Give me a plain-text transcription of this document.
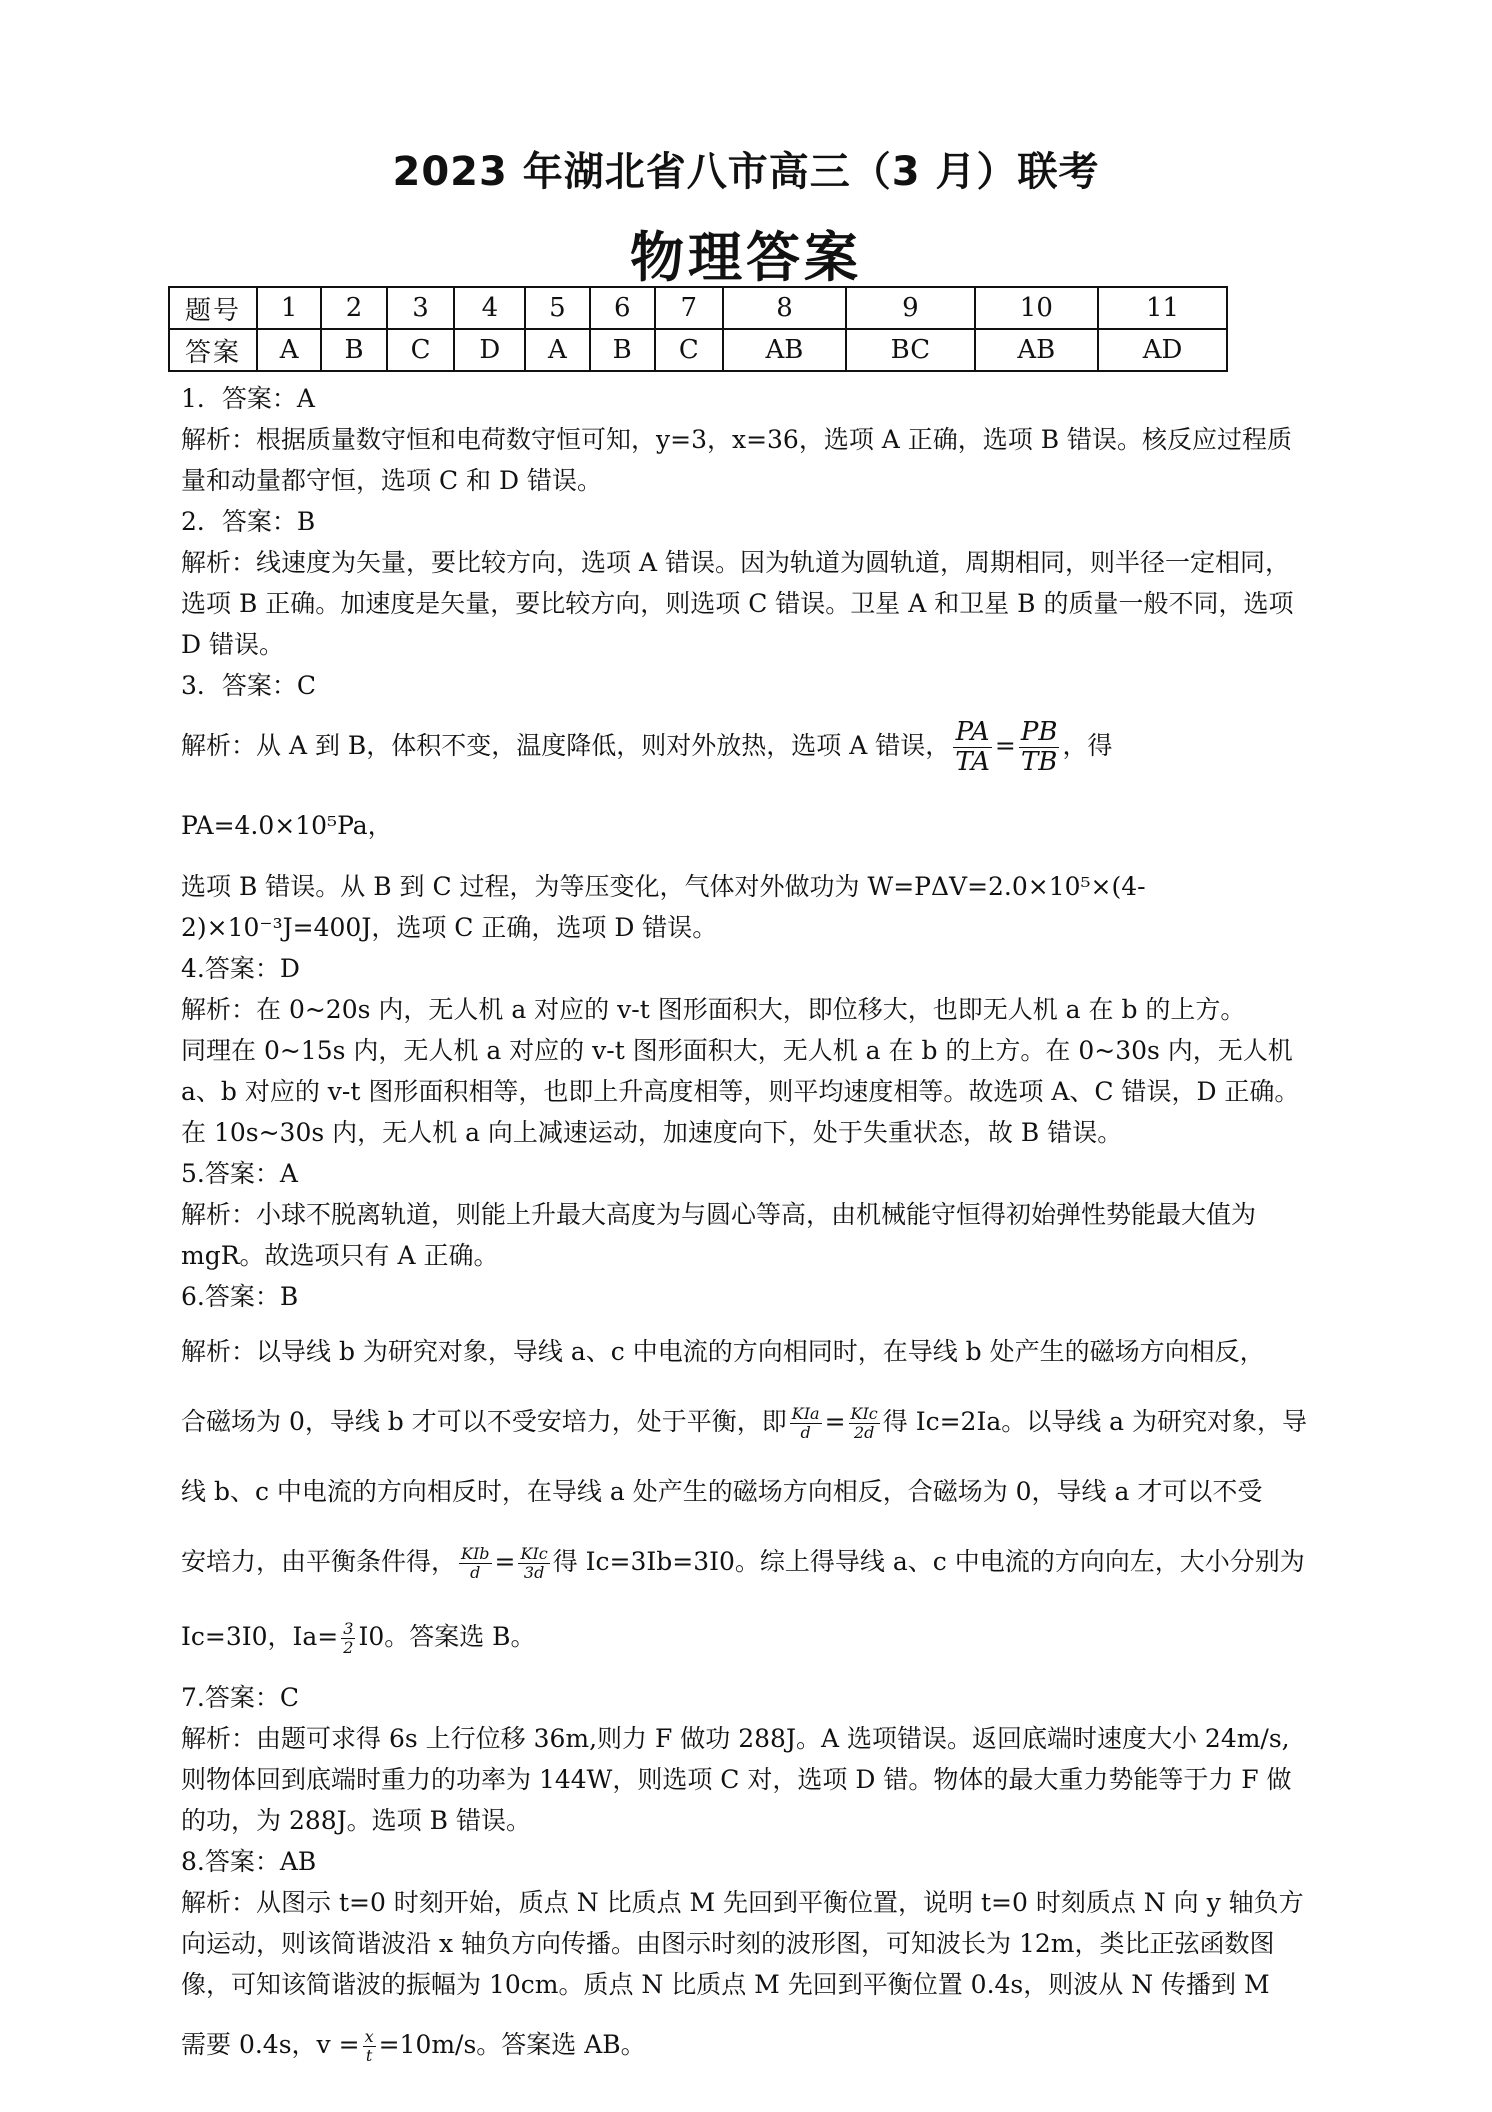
2023 年湖北省八市高三（3 月）联考
物理答案
题号	1	2	3	4	5	6	7	8	9	10	11
答案	A	B	C	D	A	B	C	AB	BC	AB	AD

1．答案：A

解析：根据质量数守恒和电荷数守恒可知，y=3，x=36，选项 A 正确，选项 B 错误。核反应过程质量和动量都守恒，选项 C 和 D 错误。

2．答案：B

解析：线速度为矢量，要比较方向，选项 A 错误。因为轨道为圆轨道，周期相同，则半径一定相同，选项 B 正确。加速度是矢量，要比较方向，则选项 C 错误。卫星 A 和卫星 B 的质量一般不同，选项 D 错误。

3．答案：C

解析：从 A 到 B，体积不变，温度降低，则对外放热，选项 A 错误， $\frac{PA}{TA} = \frac{PB}{TB}$ ，得 PA=4.0×10⁵Pa，

选项 B 错误。从 B 到 C 过程，为等压变化，气体对外做功为 W=PΔV=2.0×10⁵×(4-2)×10⁻³J=400J，选项 C 正确，选项 D 错误。

4.答案：D

解析：在 0~20s 内，无人机 a 对应的 v-t 图形面积大，即位移大，也即无人机 a 在 b 的上方。

同理在 0~15s 内，无人机 a 对应的 v-t 图形面积大，无人机 a 在 b 的上方。在 0~30s 内，无人机 a、b 对应的 v-t 图形面积相等，也即上升高度相等，则平均速度相等。故选项 A、C 错误，D 正确。在 10s~30s 内，无人机 a 向上减速运动，加速度向下，处于失重状态，故 B 错误。

5.答案：A

解析：小球不脱离轨道，则能上升最大高度为与圆心等高，由机械能守恒得初始弹性势能最大值为 mgR。故选项只有 A 正确。

6.答案：B

解析：以导线 b 为研究对象，导线 a、c 中电流的方向相同时，在导线 b 处产生的磁场方向相反，

合磁场为 0，导线 b 才可以不受安培力，处于平衡，即 $\frac{\text{KIa}}{d} = \frac{\text{KIc}}{2d}$ 得 Ic=2Ia。以导线 a 为研究对象，导

线 b、c 中电流的方向相反时，在导线 a 处产生的磁场方向相反，合磁场为 0，导线 a 才可以不受

安培力，由平衡条件得， $\frac{\text{KIb}}{d} = \frac{\text{KIc}}{3d}$ 得 Ic=3Ib=3I0。综上得导线 a、c 中电流的方向向左，大小分别为

Ic=3I0，$Ia= \frac{3}{2} I0$。答案选 B。

7.答案：C

解析：由题可求得 6s 上行位移 36m,则力 F 做功 288J。A 选项错误。返回底端时速度大小 24m/s,则物体回到底端时重力的功率为 144W，则选项 C 对，选项 D 错。物体的最大重力势能等于力 F 做的功，为 288J。选项 B 错误。

8.答案：AB

解析：从图示 t=0 时刻开始，质点 N 比质点 M 先回到平衡位置，说明 t=0 时刻质点 N 向 y 轴负方向运动，则该简谐波沿 x 轴负方向传播。由图示时刻的波形图，可知波长为 12m，类比正弦函数图像，可知该简谐波的振幅为 10cm。质点 N 比质点 M 先回到平衡位置 0.4s，则波从 N 传播到 M

需要 0.4s，$v = \frac{x}{t} =10m/s$。答案选 AB。
